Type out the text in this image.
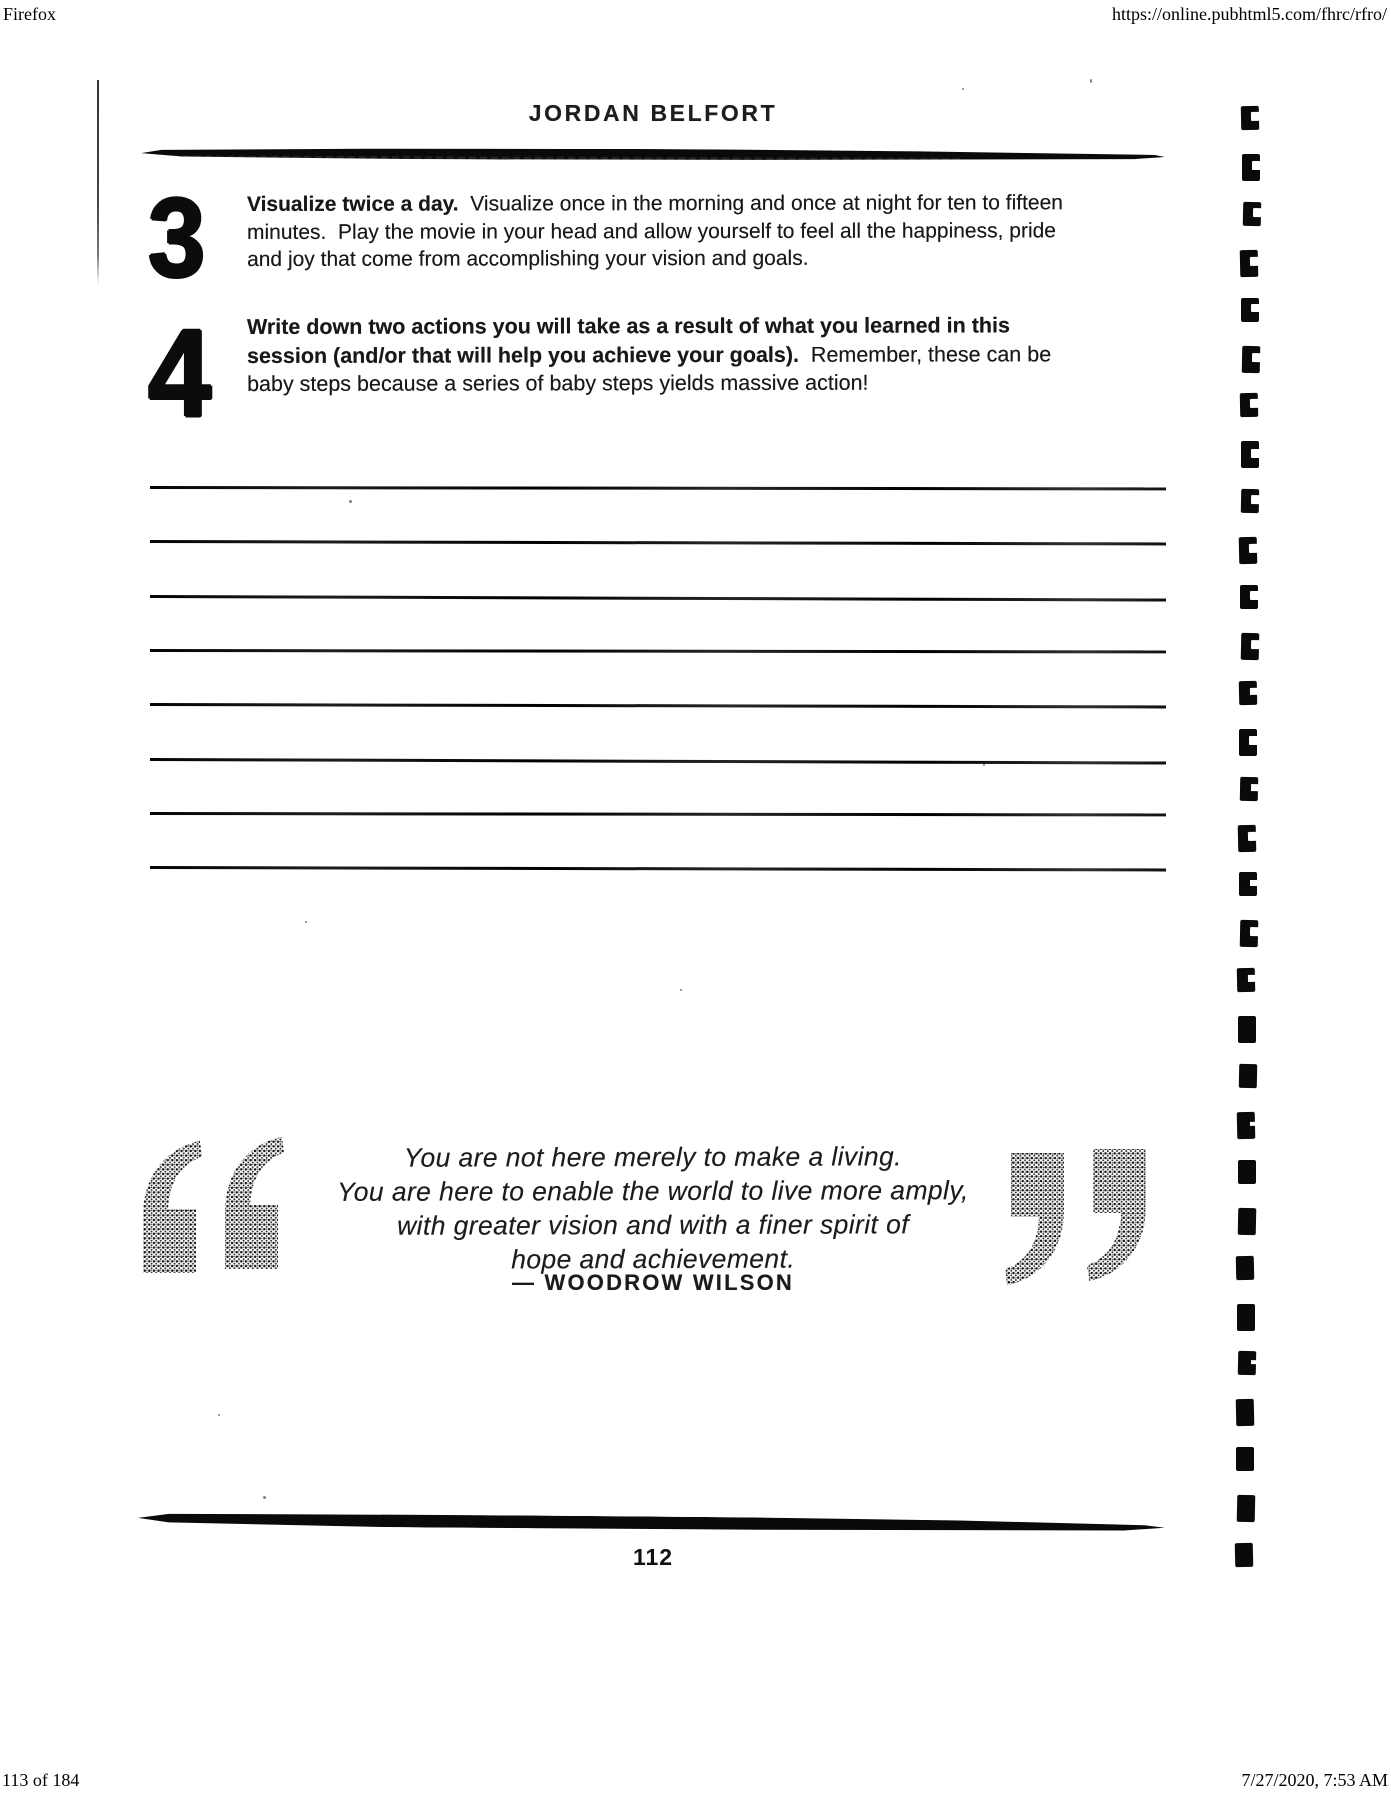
Firefox	https://online.pubhtml5.com/fhrc/rfro/
JORDAN BELFORT
3 Visualize twice a day.  Visualize once in the morning and once at night for ten to fifteen
minutes.  Play the movie in your head and allow yourself to feel all the happiness, pride
and joy that come from accomplishing your vision and goals.

4 Write down two actions you will take as a result of what you learned in this
session (and/or that will help you achieve your goals).  Remember, these can be
baby steps because a series of baby steps yields massive action!

You are not here merely to make a living.
You are here to enable the world to live more amply,
with greater vision and with a finer spirit of
hope and achievement.

— WOODROW WILSON
112
113 of 184	7/27/2020, 7:53 AM
